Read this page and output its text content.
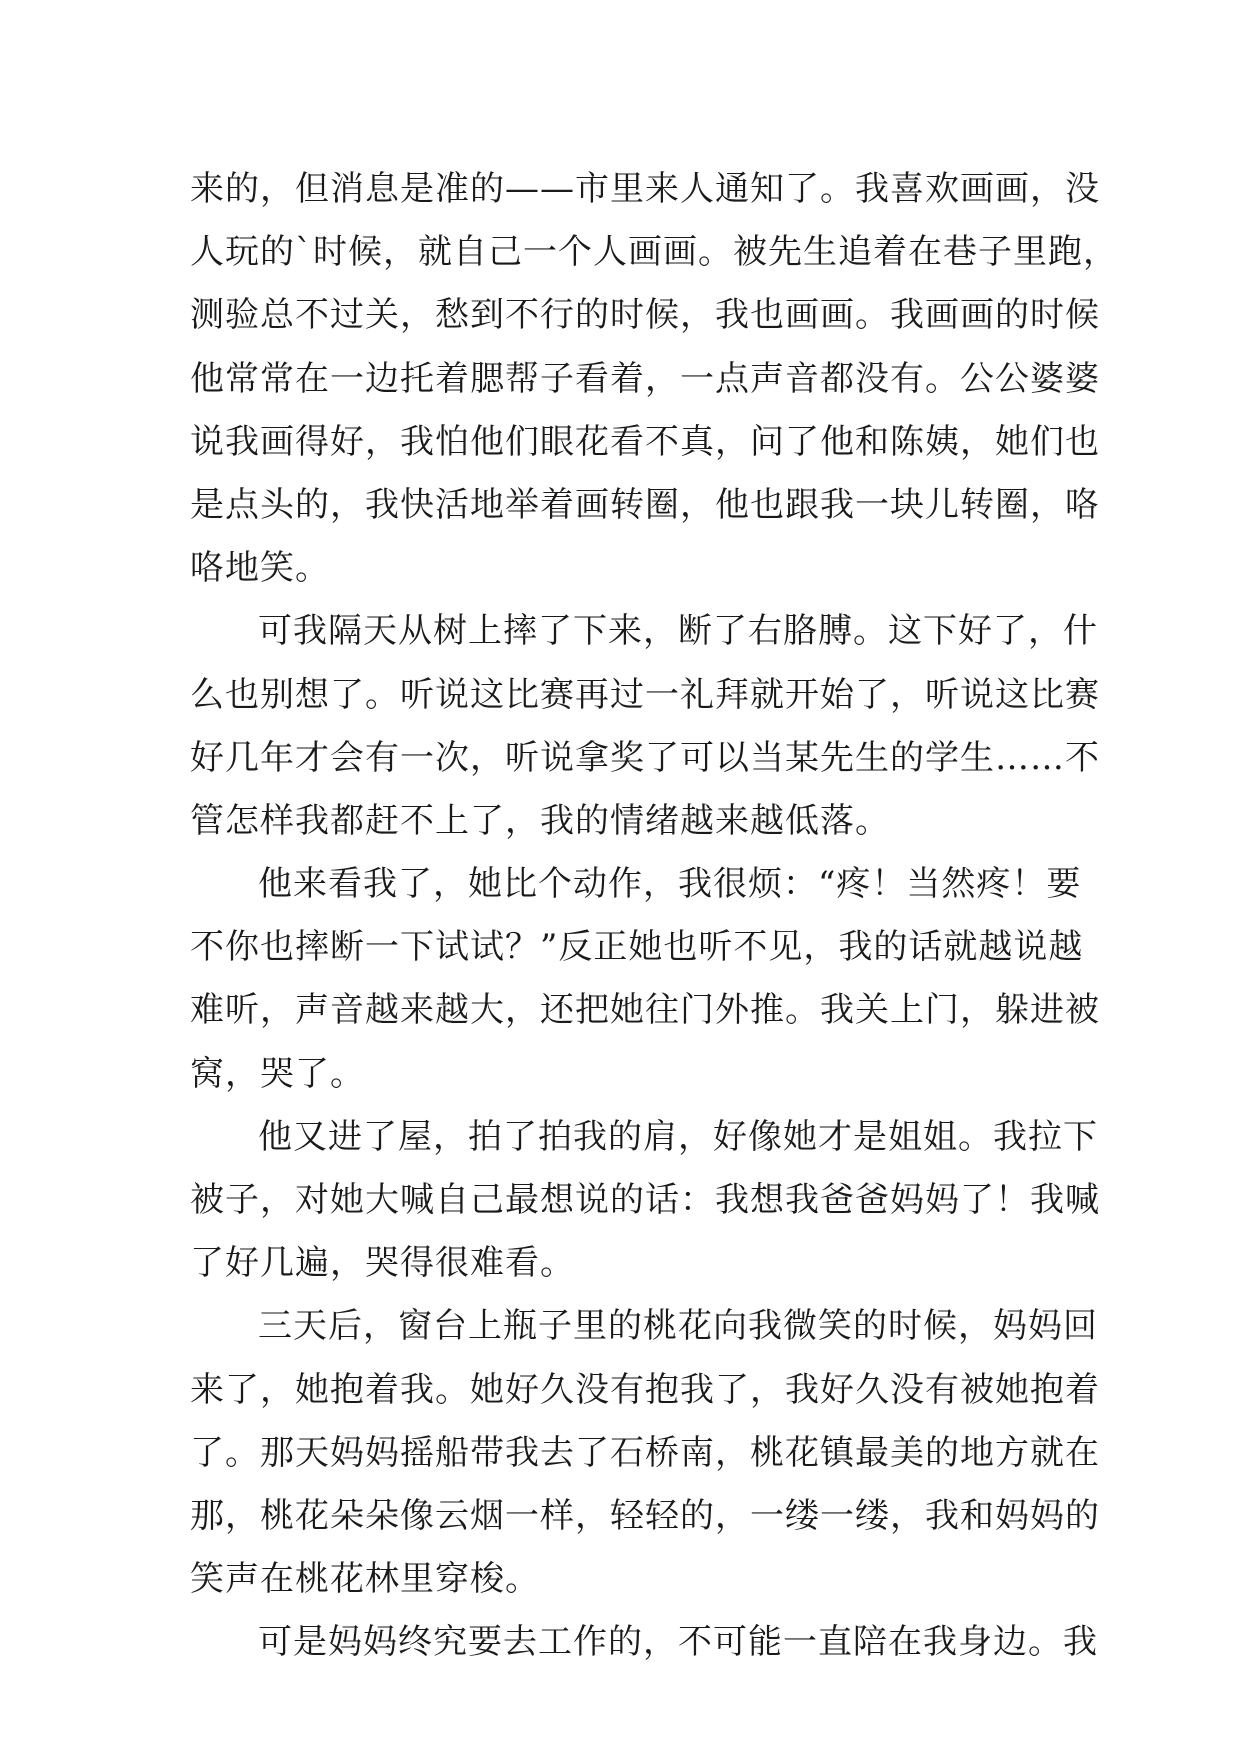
来的，但消息是准的——市里来人通知了。我喜欢画画，没
人玩的`时候，就自己一个人画画。被先生追着在巷子里跑，
测验总不过关，愁到不行的时候，我也画画。我画画的时候
他常常在一边托着腮帮子看着，一点声音都没有。公公婆婆
说我画得好，我怕他们眼花看不真，问了他和陈姨，她们也
是点头的，我快活地举着画转圈，他也跟我一块儿转圈，咯
咯地笑。
可我隔天从树上摔了下来，断了右胳膊。这下好了，什
么也别想了。听说这比赛再过一礼拜就开始了，听说这比赛
好几年才会有一次，听说拿奖了可以当某先生的学生……不
管怎样我都赶不上了，我的情绪越来越低落。
他来看我了，她比个动作，我很烦：“疼！当然疼！要
不你也摔断一下试试？”反正她也听不见，我的话就越说越
难听，声音越来越大，还把她往门外推。我关上门，躲进被
窝，哭了。
他又进了屋，拍了拍我的肩，好像她才是姐姐。我拉下
被子，对她大喊自己最想说的话：我想我爸爸妈妈了！我喊
了好几遍，哭得很难看。
三天后，窗台上瓶子里的桃花向我微笑的时候，妈妈回
来了，她抱着我。她好久没有抱我了，我好久没有被她抱着
了。那天妈妈摇船带我去了石桥南，桃花镇最美的地方就在
那，桃花朵朵像云烟一样，轻轻的，一缕一缕，我和妈妈的
笑声在桃花林里穿梭。
可是妈妈终究要去工作的，不可能一直陪在我身边。我
